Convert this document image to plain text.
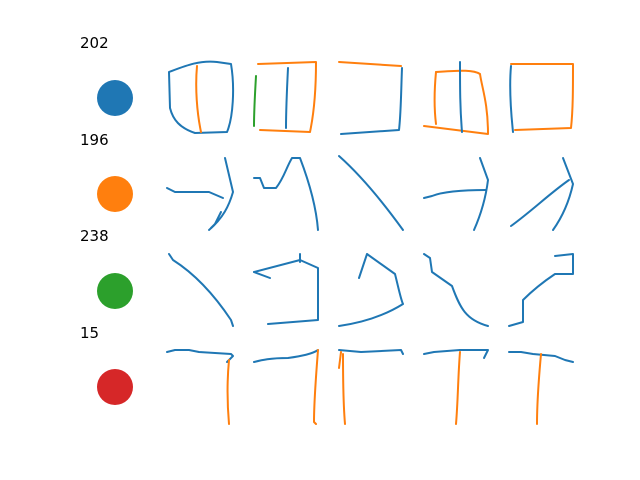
202
196
238
15
